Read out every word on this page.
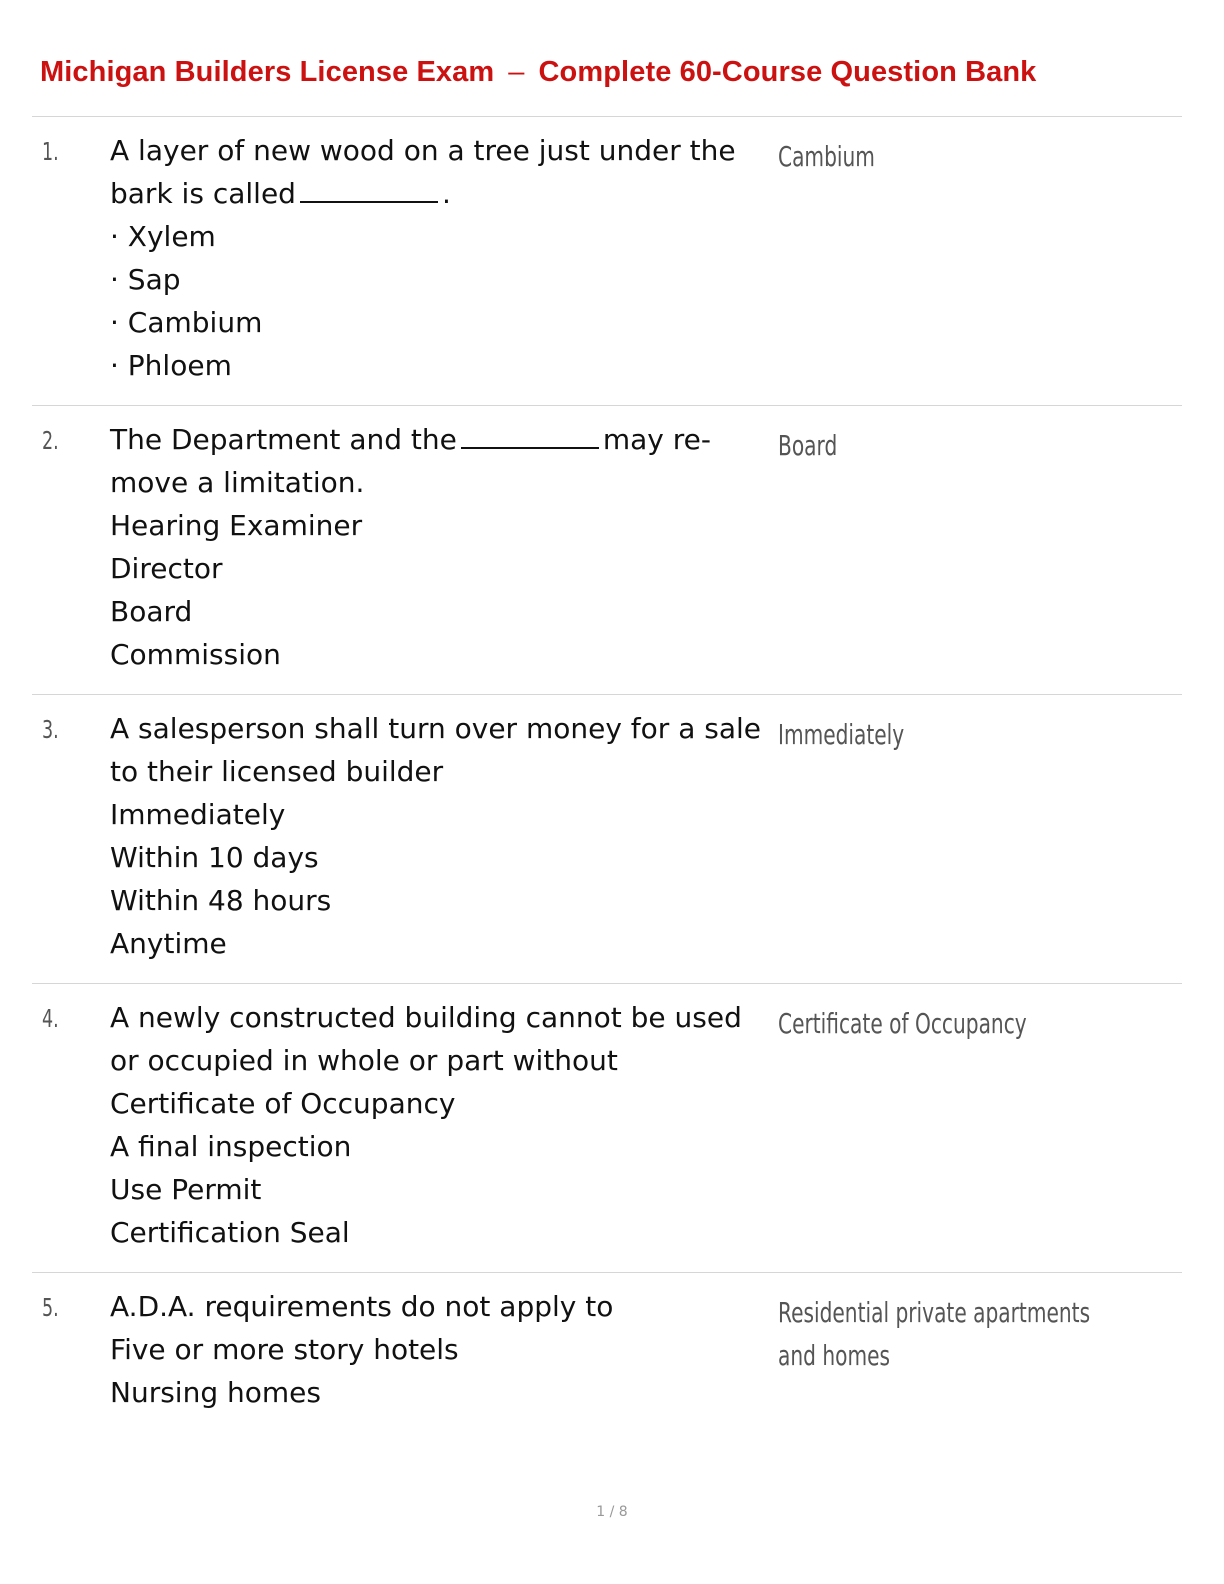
Michigan Builders License Exam – Complete 60-Course Question Bank
1. A layer of new wood on a tree just under the bark is called	.
· Xylem
· Sap
· Cambium
· Phloem
Cambium
2. The Department and the	may re-move a limitation.
Hearing Examiner
Director
Board
Commission
Board
3. A salesperson shall turn over money for a sale to their licensed builder
Immediately
Within 10 days
Within 48 hours
Anytime
Immediately
4. A newly constructed building cannot be used or occupied in whole or part without
Certificate of Occupancy
A final inspection
Use Permit
Certification Seal
Certificate of Occupancy
5. A.D.A. requirements do not apply to
Five or more story hotels
Nursing homes
Residential private apartments and homes
1 / 8
